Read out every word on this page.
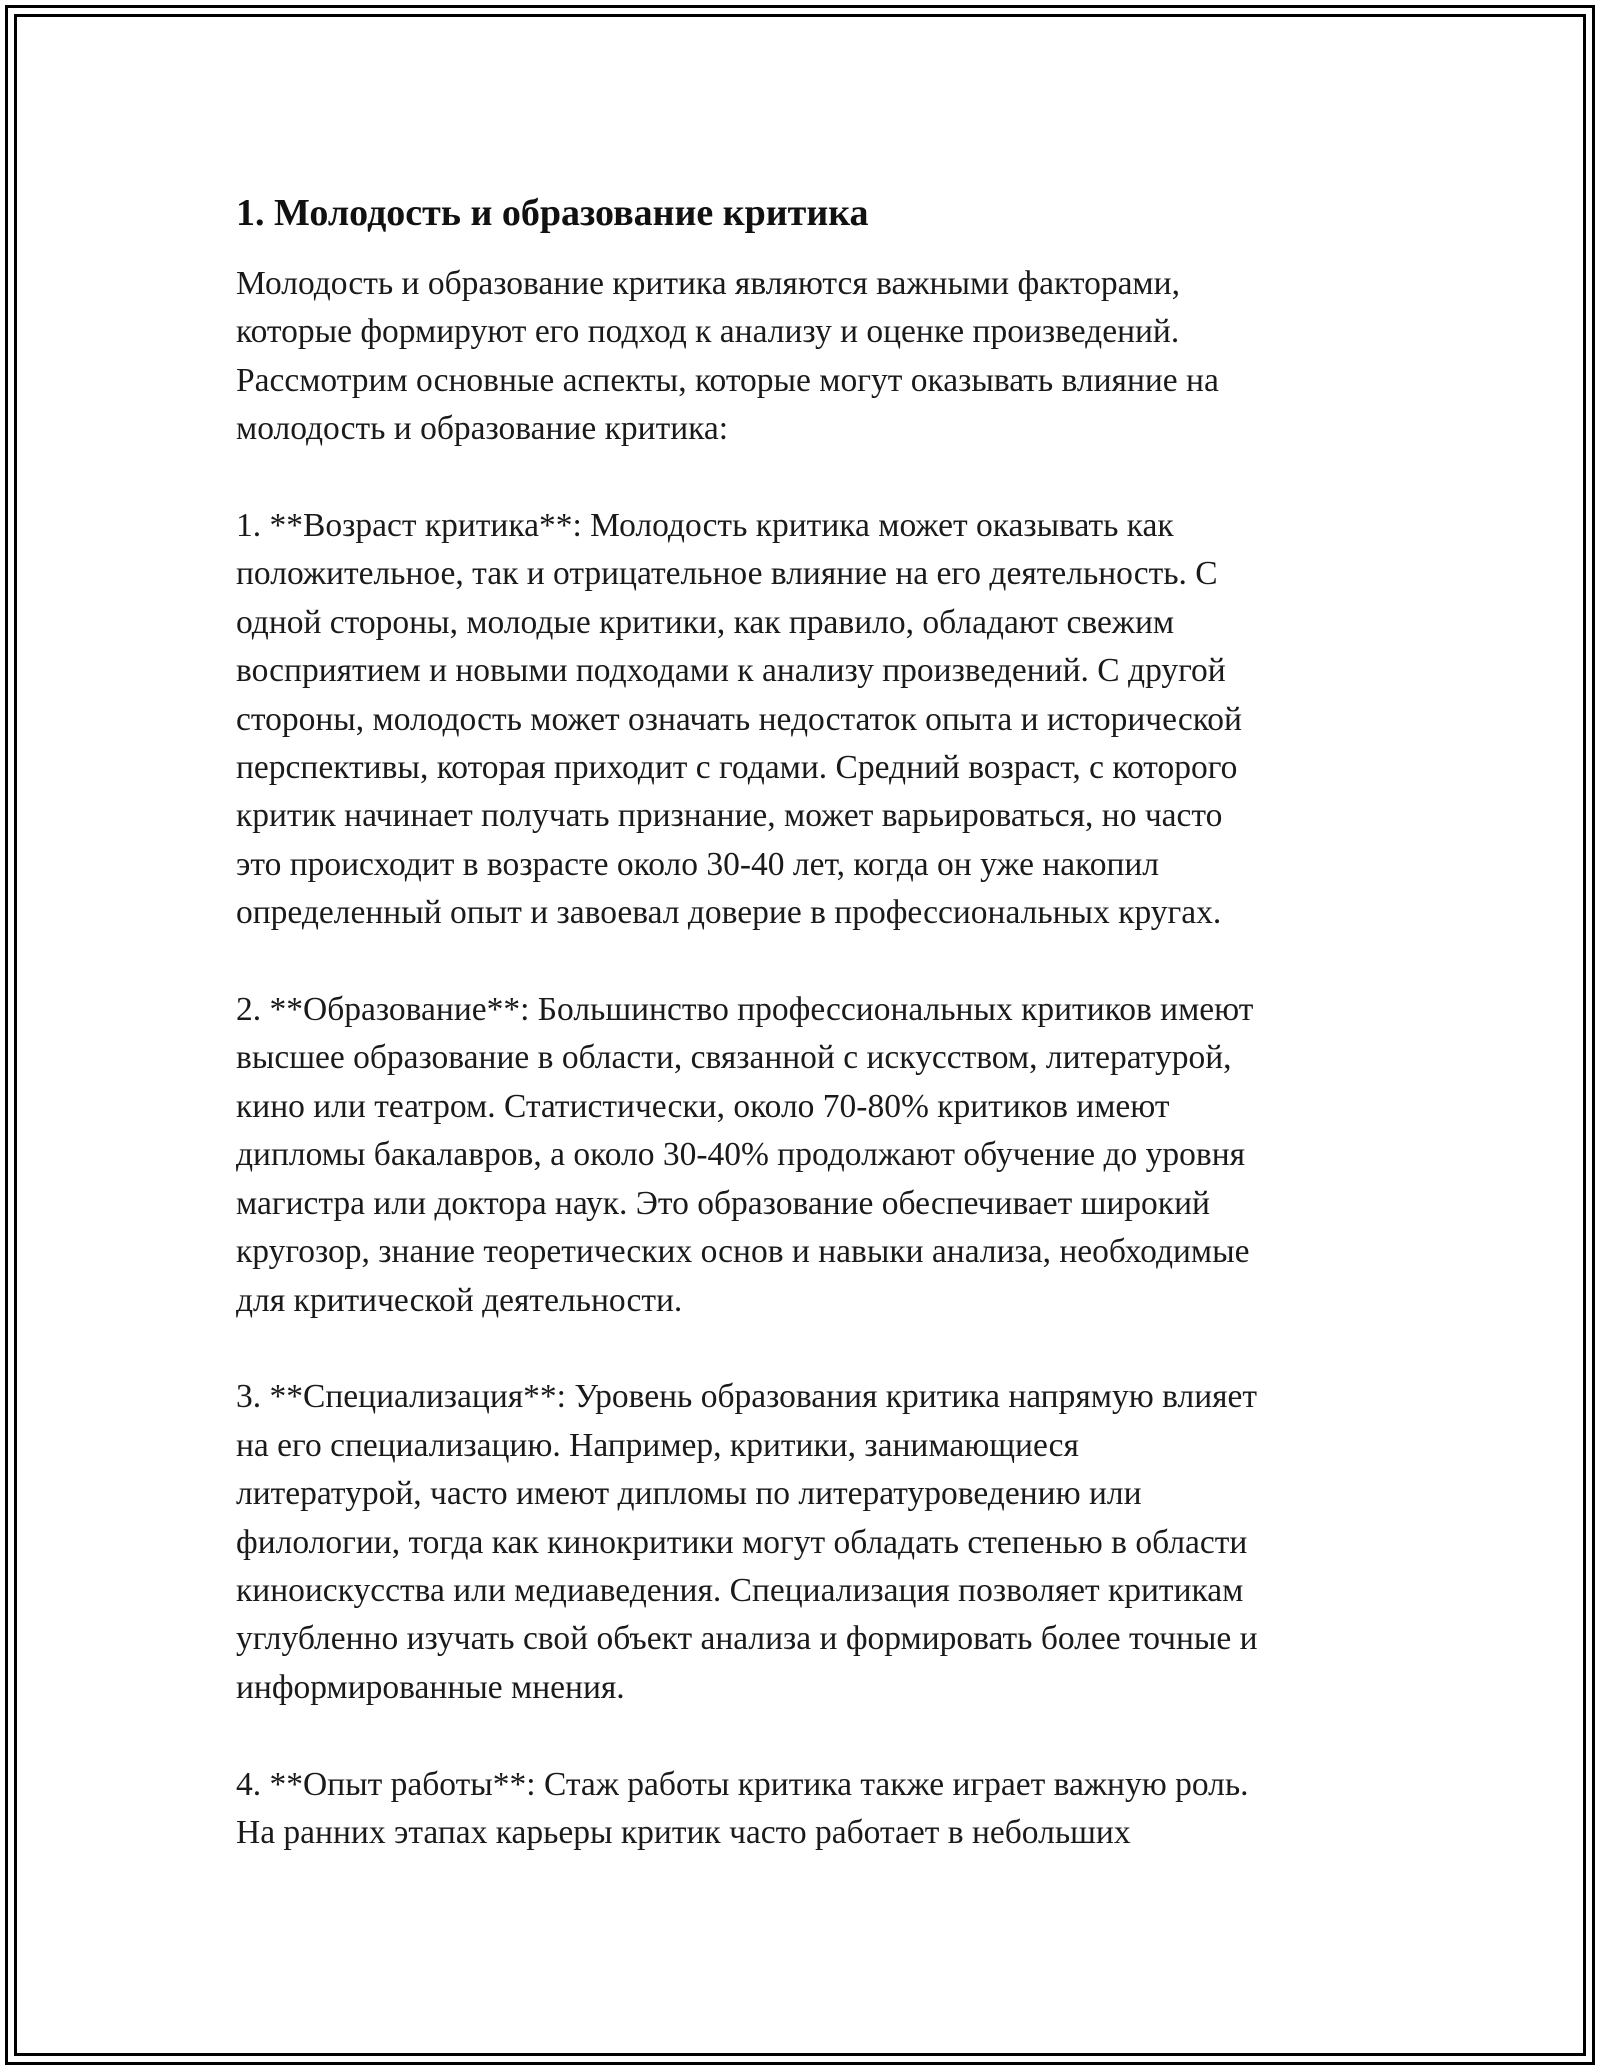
1. Молодость и образование критика
Молодость и образование критика являются важными факторами,
которые формируют его подход к анализу и оценке произведений.
Рассмотрим основные аспекты, которые могут оказывать влияние на
молодость и образование критика:
1. **Возраст критика**: Молодость критика может оказывать как
положительное, так и отрицательное влияние на его деятельность. С
одной стороны, молодые критики, как правило, обладают свежим
восприятием и новыми подходами к анализу произведений. С другой
стороны, молодость может означать недостаток опыта и исторической
перспективы, которая приходит с годами. Средний возраст, с которого
критик начинает получать признание, может варьироваться, но часто
это происходит в возрасте около 30-40 лет, когда он уже накопил
определенный опыт и завоевал доверие в профессиональных кругах.
2. **Образование**: Большинство профессиональных критиков имеют
высшее образование в области, связанной с искусством, литературой,
кино или театром. Статистически, около 70-80% критиков имеют
дипломы бакалавров, а около 30-40% продолжают обучение до уровня
магистра или доктора наук. Это образование обеспечивает широкий
кругозор, знание теоретических основ и навыки анализа, необходимые
для критической деятельности.
3. **Специализация**: Уровень образования критика напрямую влияет
на его специализацию. Например, критики, занимающиеся
литературой, часто имеют дипломы по литературоведению или
филологии, тогда как кинокритики могут обладать степенью в области
киноискусства или медиаведения. Специализация позволяет критикам
углубленно изучать свой объект анализа и формировать более точные и
информированные мнения.
4. **Опыт работы**: Стаж работы критика также играет важную роль.
На ранних этапах карьеры критик часто работает в небольших
